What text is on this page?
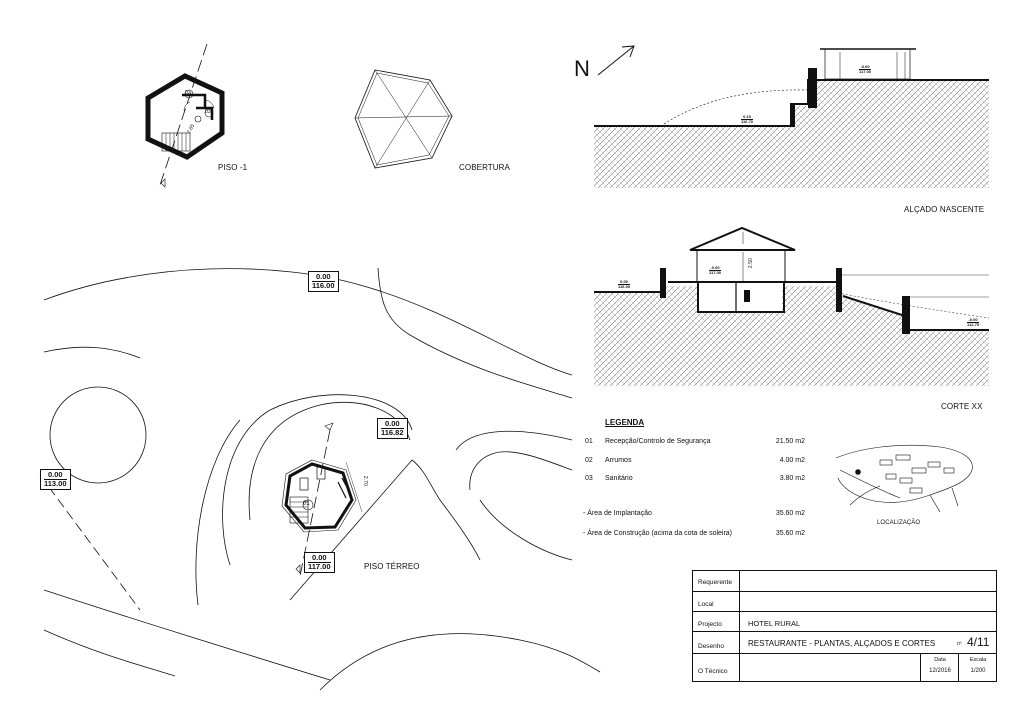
N
PISO -1	COBERTURA
ALÇADO NASCENTE
CORTE XX
PISO TÉRREO
LOCALIZAÇÃO
02
03
01
2.70
2.65
2.50
0.00
116.00
0.00
116.82
0.00
113.00
0.00
117.00
-0.00
117.00
0.19
116.70
0.00
116.00
-0.00
117.00
-0.00
112.75
LEGENDA
01 Recepção/Controlo de Segurança	21.50 m2
02 Arrumos	4.00 m2
03 Sanitário	3.80 m2
- Área de Implantação	35.60 m2
- Área de Construção (acima da cota de soleira)	35.60 m2
Requerente
Local
Projecto	HOTEL RURAL
Desenho	RESTAURANTE - PLANTAS, ALÇADOS E CORTES	nº 4/11
O Técnico
Data
12/2016
Escala
1/200
